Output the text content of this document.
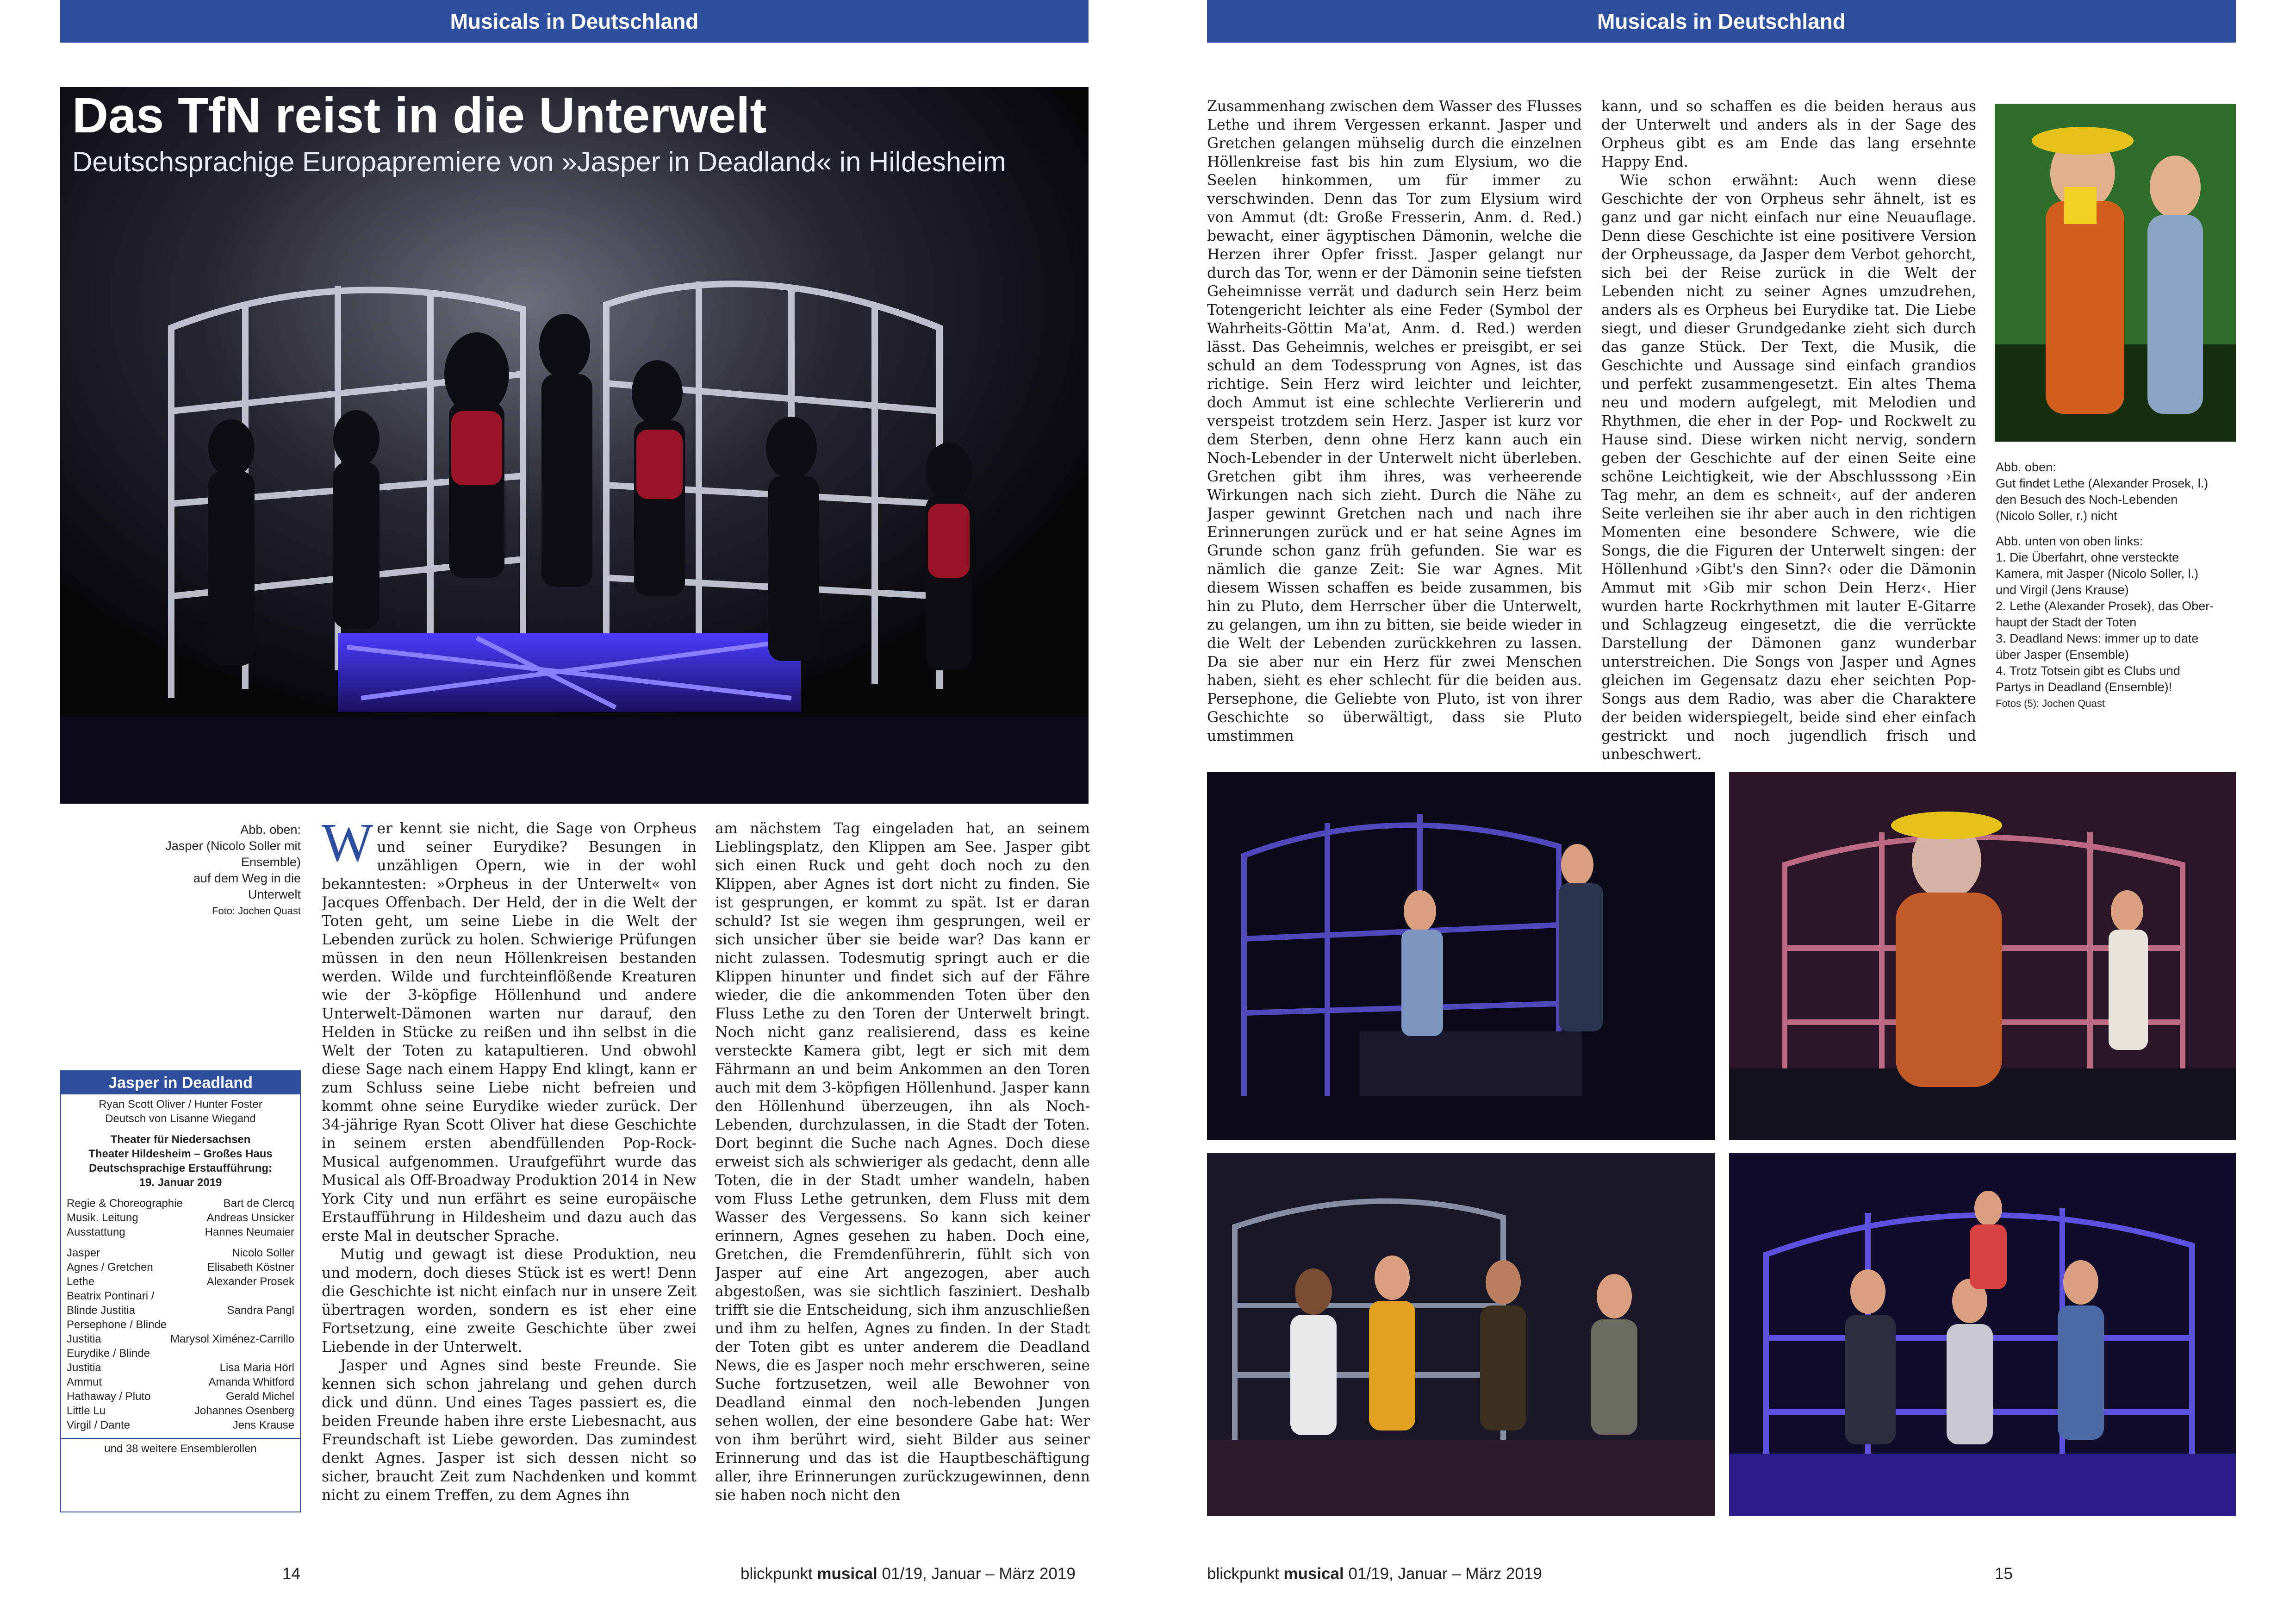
Musicals in Deutschland	Musicals in Deutschland
Das TfN reist in die Unterwelt

Deutschsprachige Europapremiere von »Jasper in Deadland« in Hildesheim

Abb. oben:
Jasper (Nicolo Soller mit Ensemble)
auf dem Weg in die Unterwelt
Foto: Jochen Quast
Jasper in Deadland
Ryan Scott Oliver / Hunter Foster
Deutsch von Lisanne Wiegand
Theater für Niedersachsen
Theater Hildesheim – Großes Haus
Deutschsprachige Erstaufführung:
19. Januar 2019
Regie & Choreographie	Bart de Clercq
Musik. Leitung	Andreas Unsicker
Ausstattung	Hannes Neumaier
Jasper	Nicolo Soller
Agnes / Gretchen	Elisabeth Köstner
Lethe	Alexander Prosek
Beatrix Pontinari /
Blinde Justitia	Sandra Pangl
Persephone / Blinde
Justitia	Marysol Ximénez-Carrillo
Eurydike / Blinde
Justitia	Lisa Maria Hörl
Ammut	Amanda Whitford
Hathaway / Pluto	Gerald Michel
Little Lu	Johannes Osenberg
Virgil / Dante	Jens Krause
und 38 weitere Ensemblerollen

Wer kennt sie nicht, die Sage von Orpheus und seiner Eurydike? Besungen in unzähligen Opern, wie in der wohl bekanntesten: »Orpheus in der Unterwelt« von Jacques Offenbach. Der Held, der in die Welt der Toten geht, um seine Liebe in die Welt der Lebenden zurück zu holen. Schwierige Prüfungen müssen in den neun Höllenkreisen bestanden werden. Wilde und furchteinflößende Kreaturen wie der 3-köpfige Höllenhund und andere Unterwelt-Dämonen warten nur darauf, den Helden in Stücke zu reißen und ihn selbst in die Welt der Toten zu katapultieren. Und obwohl diese Sage nach einem Happy End klingt, kann er zum Schluss seine Liebe nicht befreien und kommt ohne seine Eurydike wieder zurück. Der 34-jährige Ryan Scott Oliver hat diese Geschichte in seinem ersten abendfüllenden Pop-Rock-Musical aufgenommen. Uraufgeführt wurde das Musical als Off-Broadway Produktion 2014 in New York City und nun erfährt es seine europäische Erstaufführung in Hildesheim und dazu auch das erste Mal in deutscher Sprache.

Mutig und gewagt ist diese Produktion, neu und modern, doch dieses Stück ist es wert! Denn die Geschichte ist nicht einfach nur in unsere Zeit übertragen worden, sondern es ist eher eine Fortsetzung, eine zweite Geschichte über zwei Liebende in der Unterwelt.

Jasper und Agnes sind beste Freunde. Sie kennen sich schon jahrelang und gehen durch dick und dünn. Und eines Tages passiert es, die beiden Freunde haben ihre erste Liebesnacht, aus Freundschaft ist Liebe geworden. Das zumindest denkt Agnes. Jasper ist sich dessen nicht so sicher, braucht Zeit zum Nachdenken und kommt nicht zu einem Treffen, zu dem Agnes ihn

am nächstem Tag eingeladen hat, an seinem Lieblingsplatz, den Klippen am See. Jasper gibt sich einen Ruck und geht doch noch zu den Klippen, aber Agnes ist dort nicht zu finden. Sie ist gesprungen, er kommt zu spät. Ist er daran schuld? Ist sie wegen ihm gesprungen, weil er sich unsicher über sie beide war? Das kann er nicht zulassen. Todesmutig springt auch er die Klippen hinunter und findet sich auf der Fähre wieder, die die ankommenden Toten über den Fluss Lethe zu den Toren der Unterwelt bringt. Noch nicht ganz realisierend, dass es keine versteckte Kamera gibt, legt er sich mit dem Fährmann an und beim Ankommen an den Toren auch mit dem 3-köpfigen Höllenhund. Jasper kann den Höllenhund überzeugen, ihn als Noch-Lebenden, durchzulassen, in die Stadt der Toten. Dort beginnt die Suche nach Agnes. Doch diese erweist sich als schwieriger als gedacht, denn alle Toten, die in der Stadt umher wandeln, haben vom Fluss Lethe getrunken, dem Fluss mit dem Wasser des Vergessens. So kann sich keiner erinnern, Agnes gesehen zu haben. Doch eine, Gretchen, die Fremdenführerin, fühlt sich von Jasper auf eine Art angezogen, aber auch abgestoßen, was sie sichtlich fasziniert. Deshalb trifft sie die Entscheidung, sich ihm anzuschließen und ihm zu helfen, Agnes zu finden. In der Stadt der Toten gibt es unter anderem die Deadland News, die es Jasper noch mehr erschweren, seine Suche fortzusetzen, weil alle Bewohner von Deadland einmal den noch-lebenden Jungen sehen wollen, der eine besondere Gabe hat: Wer von ihm berührt wird, sieht Bilder aus seiner Erinnerung und das ist die Hauptbeschäftigung aller, ihre Erinnerungen zurückzugewinnen, denn sie haben noch nicht den

Zusammenhang zwischen dem Wasser des Flusses Lethe und ihrem Vergessen erkannt. Jasper und Gretchen gelangen mühselig durch die einzelnen Höllenkreise fast bis hin zum Elysium, wo die Seelen hinkommen, um für immer zu verschwinden. Denn das Tor zum Elysium wird von Ammut (dt: Große Fresserin, Anm. d. Red.) bewacht, einer ägyptischen Dämonin, welche die Herzen ihrer Opfer frisst. Jasper gelangt nur durch das Tor, wenn er der Dämonin seine tiefsten Geheimnisse verrät und dadurch sein Herz beim Totengericht leichter als eine Feder (Symbol der Wahrheits-Göttin Ma'at, Anm. d. Red.) werden lässt. Das Geheimnis, welches er preisgibt, er sei schuld an dem Todessprung von Agnes, ist das richtige. Sein Herz wird leichter und leichter, doch Ammut ist eine schlechte Verliererin und verspeist trotzdem sein Herz. Jasper ist kurz vor dem Sterben, denn ohne Herz kann auch ein Noch-Lebender in der Unterwelt nicht überleben. Gretchen gibt ihm ihres, was verheerende Wirkungen nach sich zieht. Durch die Nähe zu Jasper gewinnt Gretchen nach und nach ihre Erinnerungen zurück und er hat seine Agnes im Grunde schon ganz früh gefunden. Sie war es nämlich die ganze Zeit: Sie war Agnes. Mit diesem Wissen schaffen es beide zusammen, bis hin zu Pluto, dem Herrscher über die Unterwelt, zu gelangen, um ihn zu bitten, sie beide wieder in die Welt der Lebenden zurückkehren zu lassen. Da sie aber nur ein Herz für zwei Menschen haben, sieht es eher schlecht für die beiden aus. Persephone, die Geliebte von Pluto, ist von ihrer Geschichte so überwältigt, dass sie Pluto umstimmen

kann, und so schaffen es die beiden heraus aus der Unterwelt und anders als in der Sage des Orpheus gibt es am Ende das lang ersehnte Happy End.

Wie schon erwähnt: Auch wenn diese Geschichte der von Orpheus sehr ähnelt, ist es ganz und gar nicht einfach nur eine Neuauflage. Denn diese Geschichte ist eine positivere Version der Orpheussage, da Jasper dem Verbot gehorcht, sich bei der Reise zurück in die Welt der Lebenden nicht zu seiner Agnes umzudrehen, anders als es Orpheus bei Eurydike tat. Die Liebe siegt, und dieser Grundgedanke zieht sich durch das ganze Stück. Der Text, die Musik, die Geschichte und Aussage sind einfach grandios und perfekt zusammengesetzt. Ein altes Thema neu und modern aufgelegt, mit Melodien und Rhythmen, die eher in der Pop- und Rockwelt zu Hause sind. Diese wirken nicht nervig, sondern geben der Geschichte auf der einen Seite eine schöne Leichtigkeit, wie der Abschlusssong ›Ein Tag mehr, an dem es schneit‹, auf der anderen Seite verleihen sie ihr aber auch in den richtigen Momenten eine besondere Schwere, wie die Songs, die die Figuren der Unterwelt singen: der Höllenhund ›Gibt's den Sinn?‹ oder die Dämonin Ammut mit ›Gib mir schon Dein Herz‹. Hier wurden harte Rockrhythmen mit lauter E-Gitarre und Schlagzeug eingesetzt, die die verrückte Darstellung der Dämonen ganz wunderbar unterstreichen. Die Songs von Jasper und Agnes gleichen im Gegensatz dazu eher seichten Pop-Songs aus dem Radio, was aber die Charaktere der beiden widerspiegelt, beide sind eher einfach gestrickt und noch jugendlich frisch und unbeschwert.

Abb. oben:
Gut findet Lethe (Alexander Prosek, l.)
den Besuch des Noch-Lebenden
(Nicolo Soller, r.) nicht
Abb. unten von oben links:
1. Die Überfahrt, ohne versteckte
Kamera, mit Jasper (Nicolo Soller, l.)
und Virgil (Jens Krause)
2. Lethe (Alexander Prosek), das Ober-
haupt der Stadt der Toten
3. Deadland News: immer up to date
über Jasper (Ensemble)
4. Trotz Totsein gibt es Clubs und
Partys in Deadland (Ensemble)!
Fotos (5): Jochen Quast
14	blickpunkt musical 01/19, Januar – März 2019	blickpunkt musical 01/19, Januar – März 2019	15
